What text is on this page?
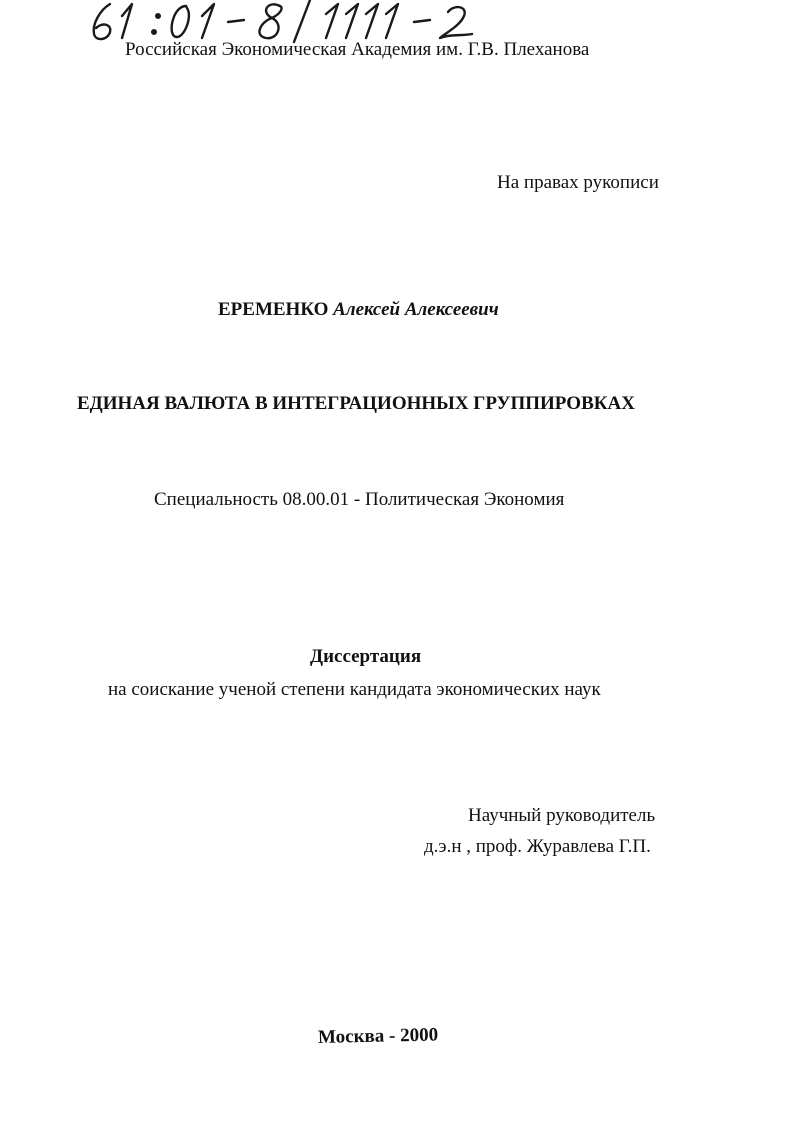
Российская Экономическая Академия им. Г.В. Плеханова
На правах рукописи
ЕРЕМЕНКО Алексей Алексеевич
ЕДИНАЯ ВАЛЮТА В ИНТЕГРАЦИОННЫХ ГРУППИРОВКАХ
Специальность 08.00.01 - Политическая Экономия
Диссертация
на соискание ученой степени кандидата экономических наук
Научный руководитель
д.э.н , проф. Журавлева Г.П.
Москва - 2000
